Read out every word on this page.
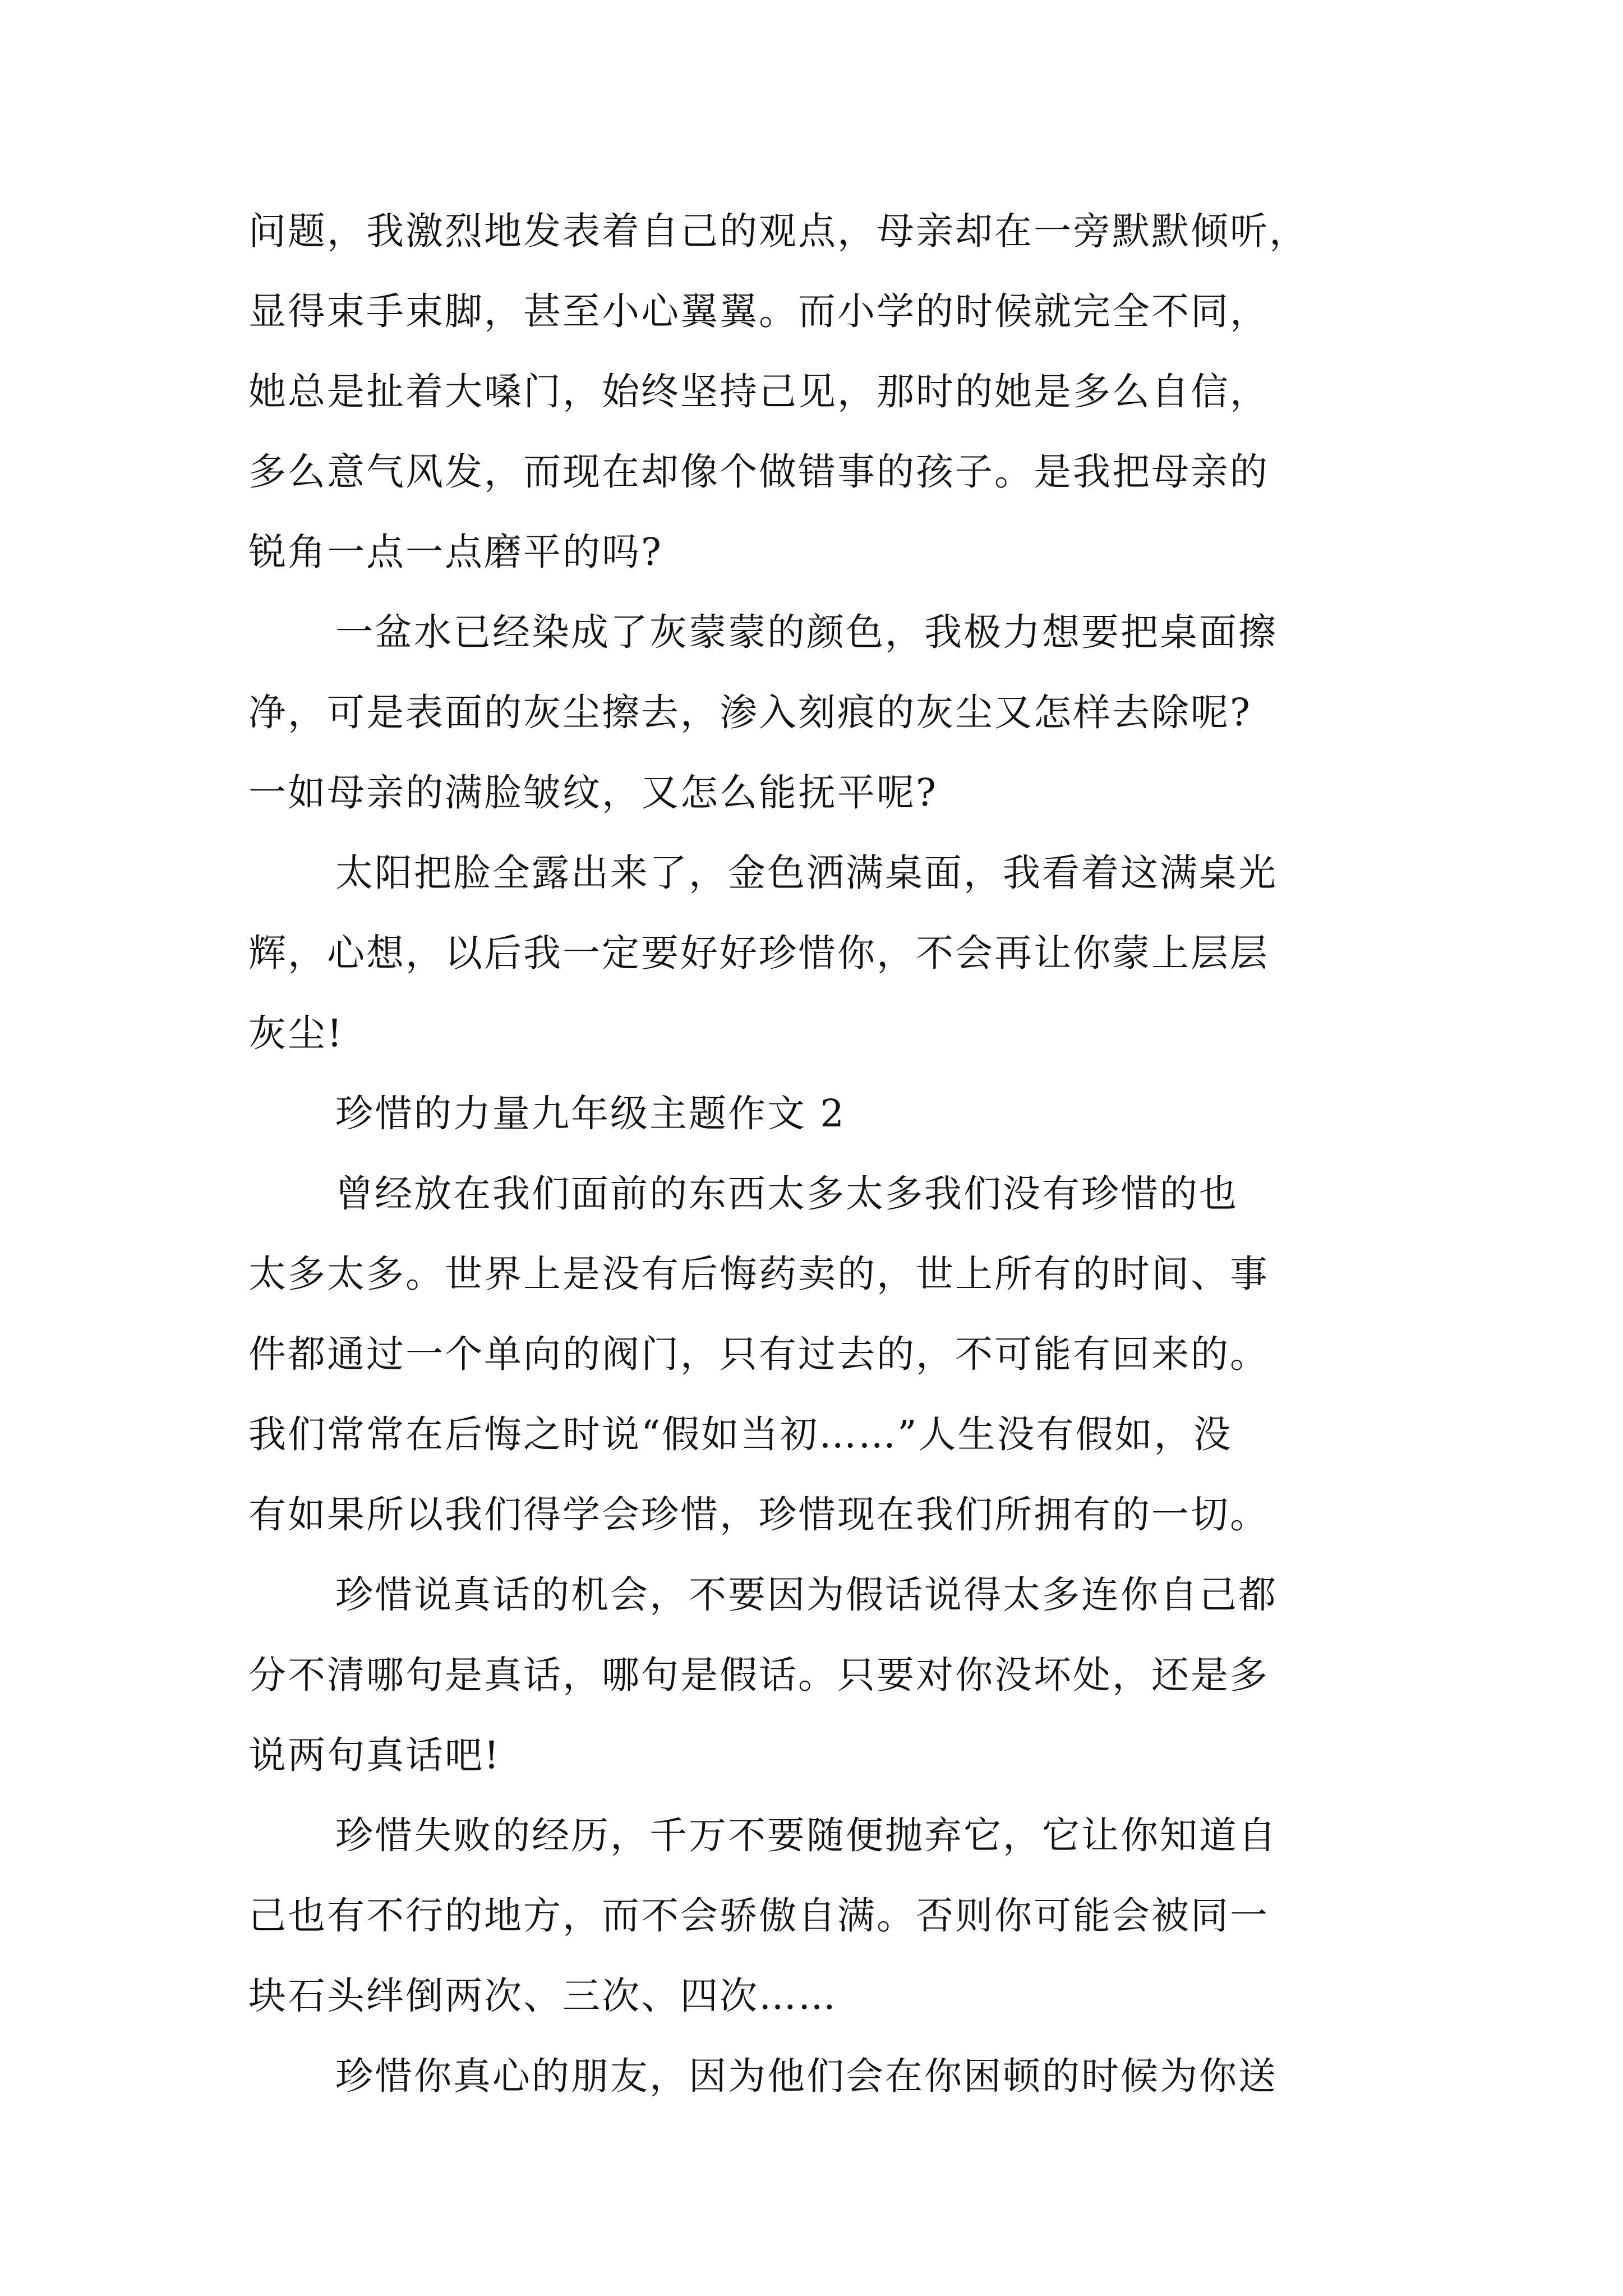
问题，我激烈地发表着自己的观点，母亲却在一旁默默倾听，
显得束手束脚，甚至小心翼翼。而小学的时候就完全不同，
她总是扯着大嗓门，始终坚持己见，那时的她是多么自信，
多么意气风发，而现在却像个做错事的孩子。是我把母亲的
锐角一点一点磨平的吗?
一盆水已经染成了灰蒙蒙的颜色，我极力想要把桌面擦
净，可是表面的灰尘擦去，渗入刻痕的灰尘又怎样去除呢?
一如母亲的满脸皱纹，又怎么能抚平呢?
太阳把脸全露出来了，金色洒满桌面，我看着这满桌光
辉，心想，以后我一定要好好珍惜你，不会再让你蒙上层层
灰尘!
珍惜的力量九年级主题作文 2
曾经放在我们面前的东西太多太多我们没有珍惜的也
太多太多。世界上是没有后悔药卖的，世上所有的时间、事
件都通过一个单向的阀门，只有过去的，不可能有回来的。
我们常常在后悔之时说“假如当初……”人生没有假如，没
有如果所以我们得学会珍惜，珍惜现在我们所拥有的一切。
珍惜说真话的机会，不要因为假话说得太多连你自己都
分不清哪句是真话，哪句是假话。只要对你没坏处，还是多
说两句真话吧!
珍惜失败的经历，千万不要随便抛弃它，它让你知道自
己也有不行的地方，而不会骄傲自满。否则你可能会被同一
块石头绊倒两次、三次、四次……
珍惜你真心的朋友，因为他们会在你困顿的时候为你送
